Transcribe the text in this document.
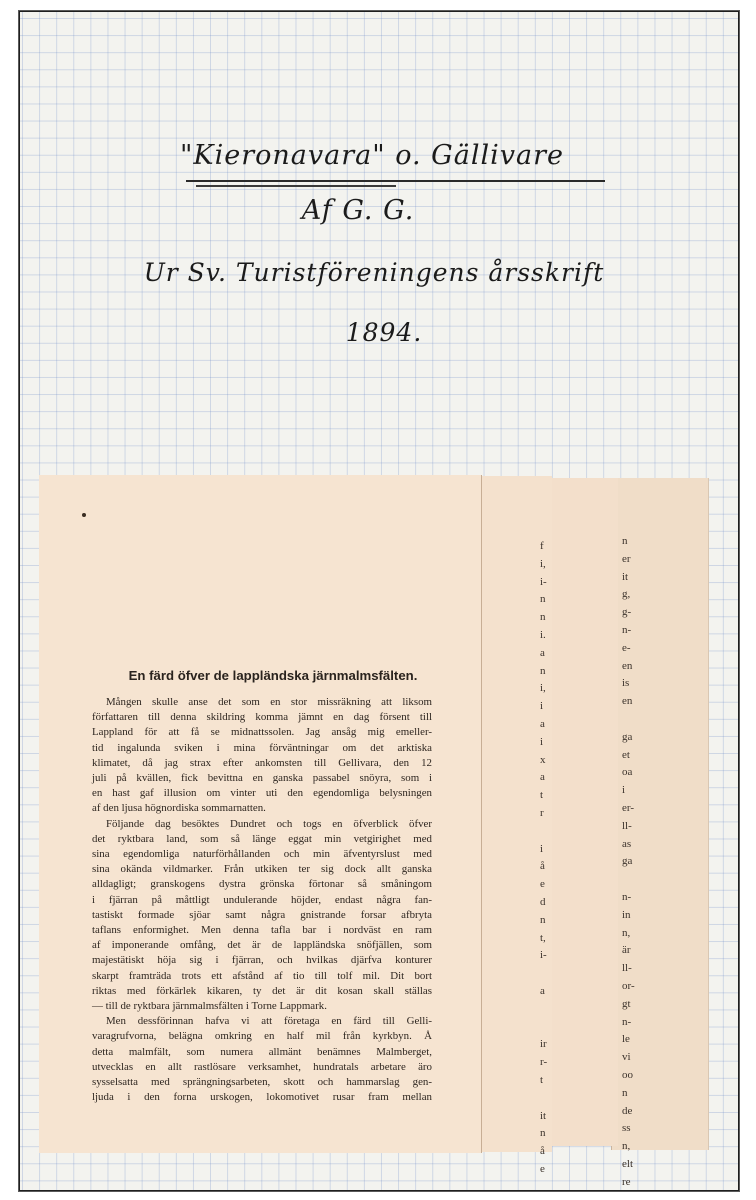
"Kieronavara" o. Gällivare
Af G. G.
Ur Sv. Turistföreningens årsskrift
1894.
f
i,
i-
n
n
i.
a
n
i,
i
a
i
x
a
t
r
i
å
e
d
n
t,
i-
a
ir
r-
t
it
n
å
e
n
er
it
g,
g-
n-
e-
en
is
en
ga
et
oa
i
er-
ll-
as
ga
n-
in
n,
är
ll-
or-
gt
n-
le
vi
oo
n
de
ss
n,
elt
re
En färd öfver de lappländska järnmalmsfälten.
Mången skulle anse det som en stor missräkning att liksom
författaren till denna skildring komma jämnt en dag försent till
Lappland för att få se midnattssolen. Jag ansåg mig emeller-
tid ingalunda sviken i mina förväntningar om det arktiska
klimatet, då jag strax efter ankomsten till Gellivara, den 12
juli på kvällen, fick bevittna en ganska passabel snöyra, som i
en hast gaf illusion om vinter uti den egendomliga belysningen
af den ljusa högnordiska sommarnatten.
Följande dag besöktes Dundret och togs en öfverblick öfver
det ryktbara land, som så länge eggat min vetgirighet med
sina egendomliga naturförhållanden och min äfventyrslust med
sina okända vildmarker. Från utkiken ter sig dock allt ganska
alldagligt; granskogens dystra grönska förtonar så småningom
i fjärran på måttligt undulerande höjder, endast några fan-
tastiskt formade sjöar samt några gnistrande forsar afbryta
taflans enformighet. Men denna tafla bar i nordväst en ram
af imponerande omfång, det är de lappländska snöfjällen, som
majestätiskt höja sig i fjärran, och hvilkas djärfva konturer
skarpt framträda trots ett afstånd af tio till tolf mil. Dit bort
riktas med förkärlek kikaren, ty det är dit kosan skall ställas
— till de ryktbara järnmalmsfälten i Torne Lappmark.
Men dessförinnan hafva vi att företaga en färd till Gelli-
varagrufvorna, belägna omkring en half mil från kyrkbyn. Å
detta malmfält, som numera allmänt benämnes Malmberget,
utvecklas en allt rastlösare verksamhet, hundratals arbetare äro
sysselsatta med sprängningsarbeten, skott och hammarslag gen-
ljuda i den forna urskogen, lokomotivet rusar fram mellan
